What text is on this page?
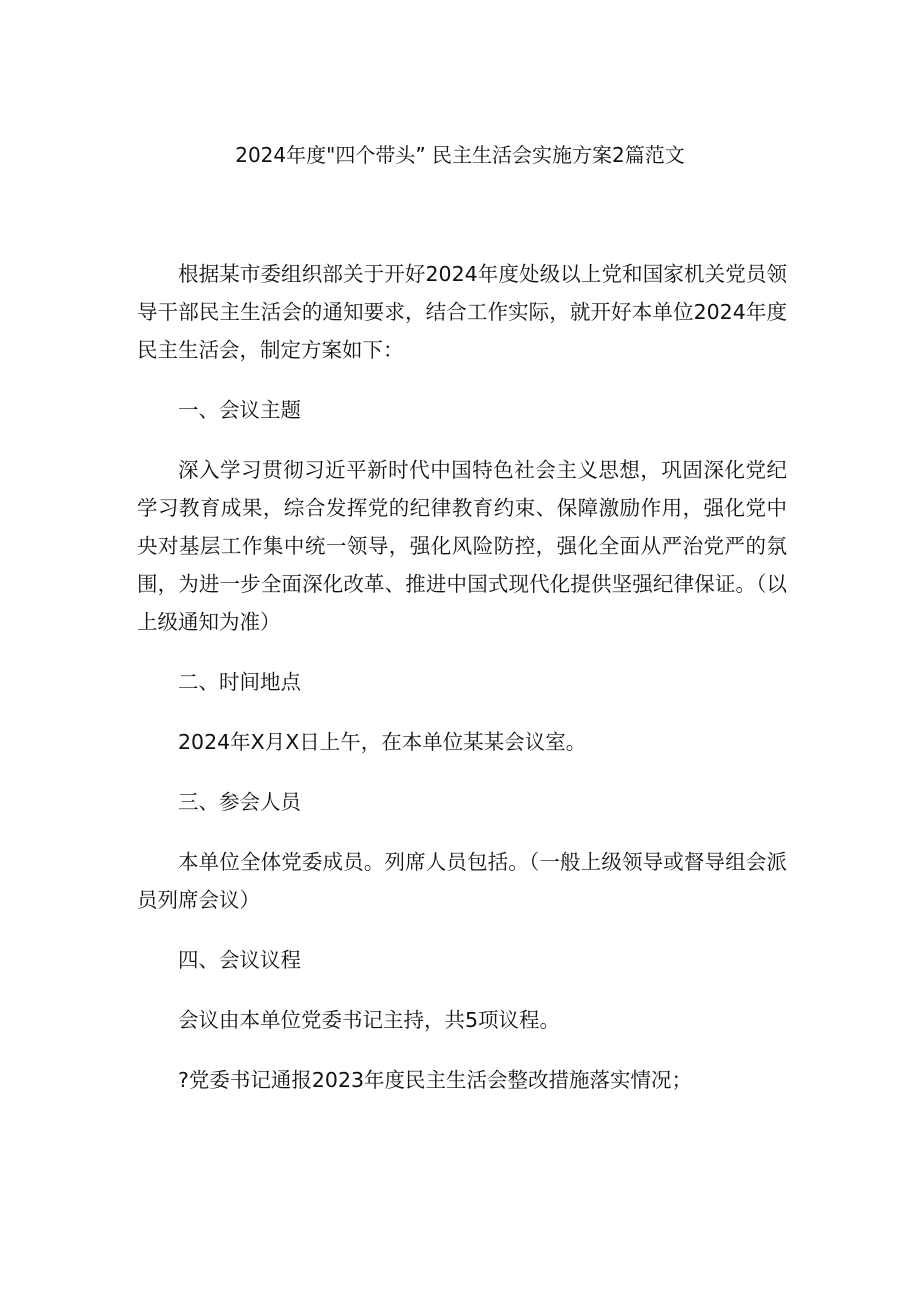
2024年度"四个带头” 民主生活会实施方案2篇范文

根据某市委组织部关于开好2024年度处级以上党和国家机关党员领导干部民主生活会的通知要求，结合工作实际，就开好本单位2024年度民主生活会，制定方案如下：

一、会议主题

深入学习贯彻习近平新时代中国特色社会主义思想，巩固深化党纪学习教育成果，综合发挥党的纪律教育约束、保障激励作用，强化党中央对基层工作集中统一领导，强化风险防控，强化全面从严治党严的氛围，为进一步全面深化改革、推进中国式现代化提供坚强纪律保证。（以上级通知为准）

二、时间地点

2024年X月X日上午，在本单位某某会议室。

三、参会人员

本单位全体党委成员。列席人员包括。（一般上级领导或督导组会派员列席会议）

四、会议议程

会议由本单位党委书记主持，共5项议程。

?党委书记通报2023年度民主生活会整改措施落实情况；
